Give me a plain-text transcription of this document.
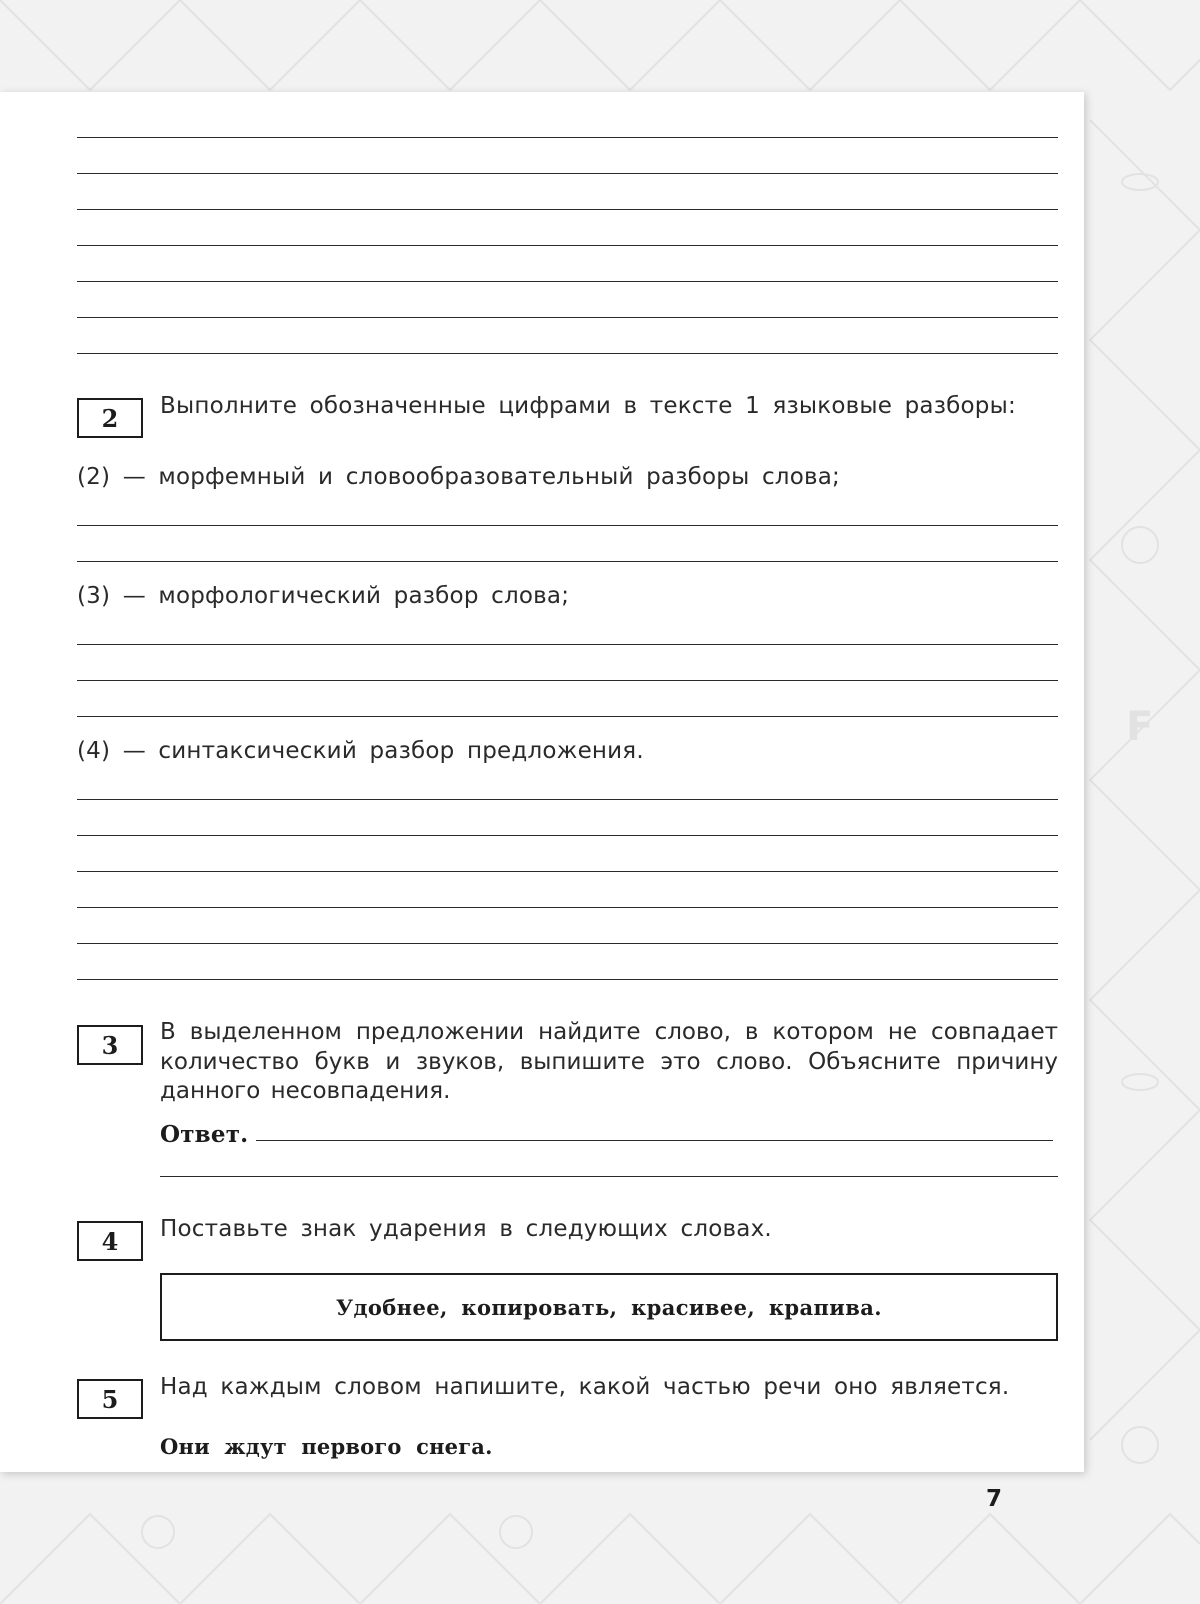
F
2 Выполните обозначенные цифрами в тексте 1 языковые разборы:
(2) — морфемный и словообразовательный разборы слова;
(3) — морфологический разбор слова;
(4) — синтаксический разбор предложения.
3 В выделенном предложении найдите слово, в котором не совпадает количество букв и звуков, выпишите это слово. Объясните причину данного несовпадения.
Ответ.
4 Поставьте знак ударения в следующих словах.
Удобнее, копировать, красивее, крапива.
5 Над каждым словом напишите, какой частью речи оно является.
Они ждут первого снега.
7
